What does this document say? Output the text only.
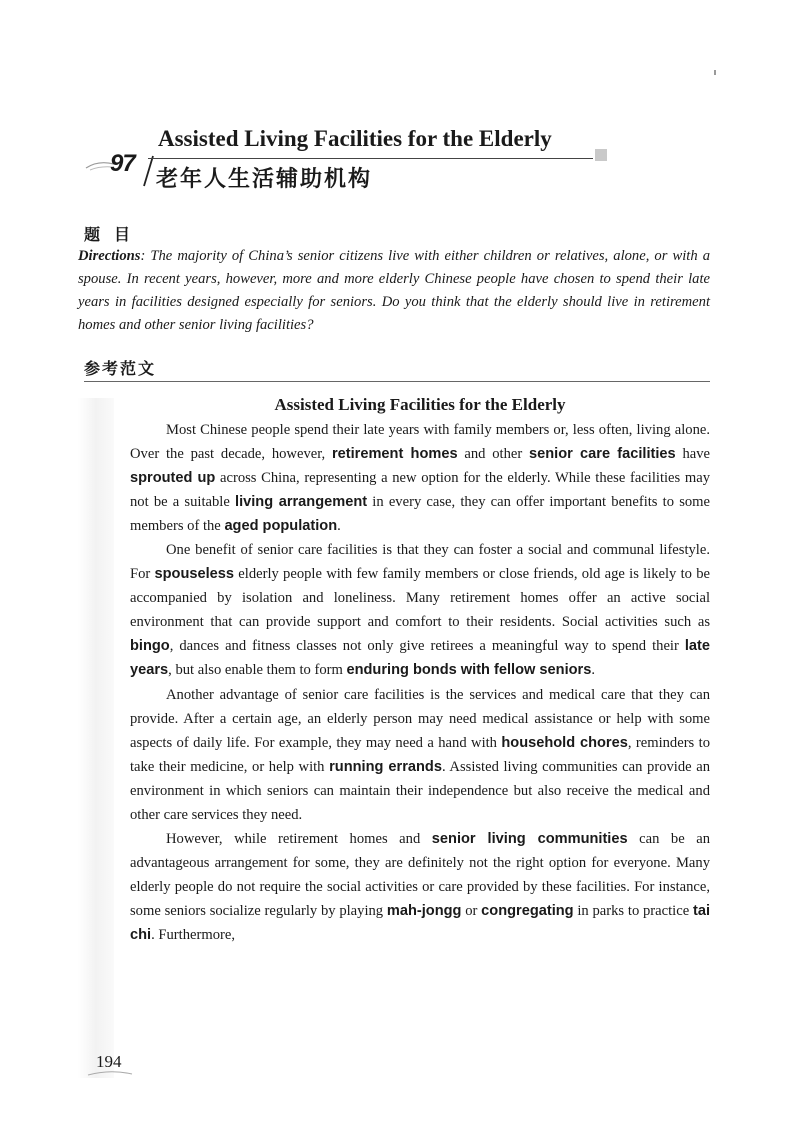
97
Assisted Living Facilities for the Elderly
老年人生活辅助机构
题目

Directions: The majority of China’s senior citizens live with either children or relatives, alone, or with a spouse. In recent years, however, more and more elderly Chinese people have chosen to spend their late years in facilities designed especially for seniors. Do you think that the elderly should live in retirement homes and other senior living facilities?

参考范文
Assisted Living Facilities for the Elderly

Most Chinese people spend their late years with family members or, less often, living alone. Over the past decade, however, retirement homes and other senior care facilities have sprouted up across China, representing a new option for the elderly. While these facilities may not be a suitable living arrangement in every case, they can offer important benefits to some members of the aged population.

One benefit of senior care facilities is that they can foster a social and communal lifestyle. For spouseless elderly people with few family members or close friends, old age is likely to be accompanied by isolation and loneliness. Many retirement homes offer an active social environment that can provide support and comfort to their residents. Social activities such as bingo, dances and fitness classes not only give retirees a meaningful way to spend their late years, but also enable them to form enduring bonds with fellow seniors.

Another advantage of senior care facilities is the services and medical care that they can provide. After a certain age, an elderly person may need medical assistance or help with some aspects of daily life. For example, they may need a hand with household chores, reminders to take their medicine, or help with running errands. Assisted living communities can provide an environment in which seniors can maintain their independence but also receive the medical and other care services they need.

However, while retirement homes and senior living communities can be an advantageous arrangement for some, they are definitely not the right option for everyone. Many elderly people do not require the social activities or care provided by these facilities. For instance, some seniors socialize regularly by playing mah-jongg or congregating in parks to practice tai chi. Furthermore,

194
